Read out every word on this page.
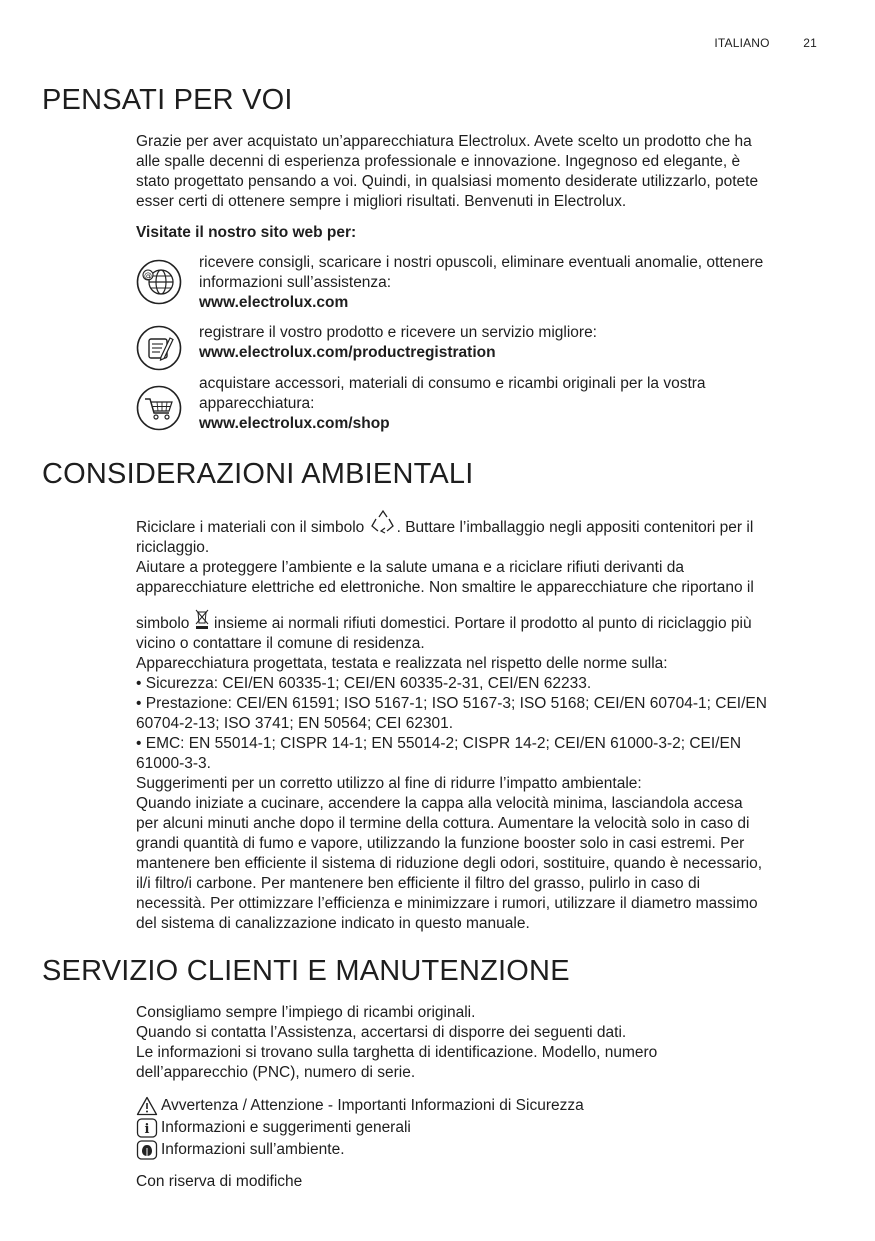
ITALIANO	21
PENSATI PER VOI

Grazie per aver acquistato un’apparecchiatura Electrolux. Avete scelto un prodotto che ha

alle spalle decenni di esperienza professionale e innovazione. Ingegnoso ed elegante, è

stato progettato pensando a voi. Quindi, in qualsiasi momento desiderate utilizzarlo, potete

esser certi di ottenere sempre i migliori risultati. Benvenuti in Electrolux.

Visitate il nostro sito web per:
@
ricevere consigli, scaricare i nostri opuscoli, eliminare eventuali anomalie, ottenere
informazioni sull’assistenza:
www.electrolux.com
registrare il vostro prodotto e ricevere un servizio migliore:
www.electrolux.com/productregistration
acquistare accessori, materiali di consumo e ricambi originali per la vostra
apparecchiatura:
www.electrolux.com/shop
CONSIDERAZIONI AMBIENTALI

Riciclare i materiali con il simbolo . Buttare l’imballaggio negli appositi contenitori per il

riciclaggio.

Aiutare a proteggere l’ambiente e la salute umana e a riciclare rifiuti derivanti da

apparecchiature elettriche ed elettroniche. Non smaltire le apparecchiature che riportano il

simbolo  insieme ai normali rifiuti domestici. Portare il prodotto al punto di riciclaggio più

vicino o contattare il comune di residenza.

Apparecchiatura progettata, testata e realizzata nel rispetto delle norme sulla:

• Sicurezza: CEI/EN 60335-1; CEI/EN 60335-2-31, CEI/EN 62233.

• Prestazione: CEI/EN 61591; ISO 5167-1; ISO 5167-3; ISO 5168; CEI/EN 60704-1; CEI/EN

60704-2-13; ISO 3741; EN 50564; CEI 62301.

• EMC: EN 55014-1; CISPR 14-1; EN 55014-2; CISPR 14-2; CEI/EN 61000-3-2; CEI/EN

61000-3-3.

Suggerimenti per un corretto utilizzo al fine di ridurre l’impatto ambientale:

Quando iniziate a cucinare, accendere la cappa alla velocità minima, lasciandola accesa

per alcuni minuti anche dopo il termine della cottura. Aumentare la velocità solo in caso di

grandi quantità di fumo e vapore, utilizzando la funzione booster solo in casi estremi. Per

mantenere ben efficiente il sistema di riduzione degli odori, sostituire, quando è necessario,

il/i filtro/i carbone. Per mantenere ben efficiente il filtro del grasso, pulirlo in caso di

necessità. Per ottimizzare l’efficienza e minimizzare i rumori, utilizzare il diametro massimo

del sistema di canalizzazione indicato in questo manuale.

SERVIZIO CLIENTI E MANUTENZIONE

Consigliamo sempre l’impiego di ricambi originali.

Quando si contatta l’Assistenza, accertarsi di disporre dei seguenti dati.

Le informazioni si trovano sulla targhetta di identificazione. Modello, numero

dell’apparecchio (PNC), numero di serie.

Avvertenza / Attenzione - Importanti Informazioni di Sicurezza
i Informazioni e suggerimenti generali
Informazioni sull’ambiente.
Con riserva di modifiche
